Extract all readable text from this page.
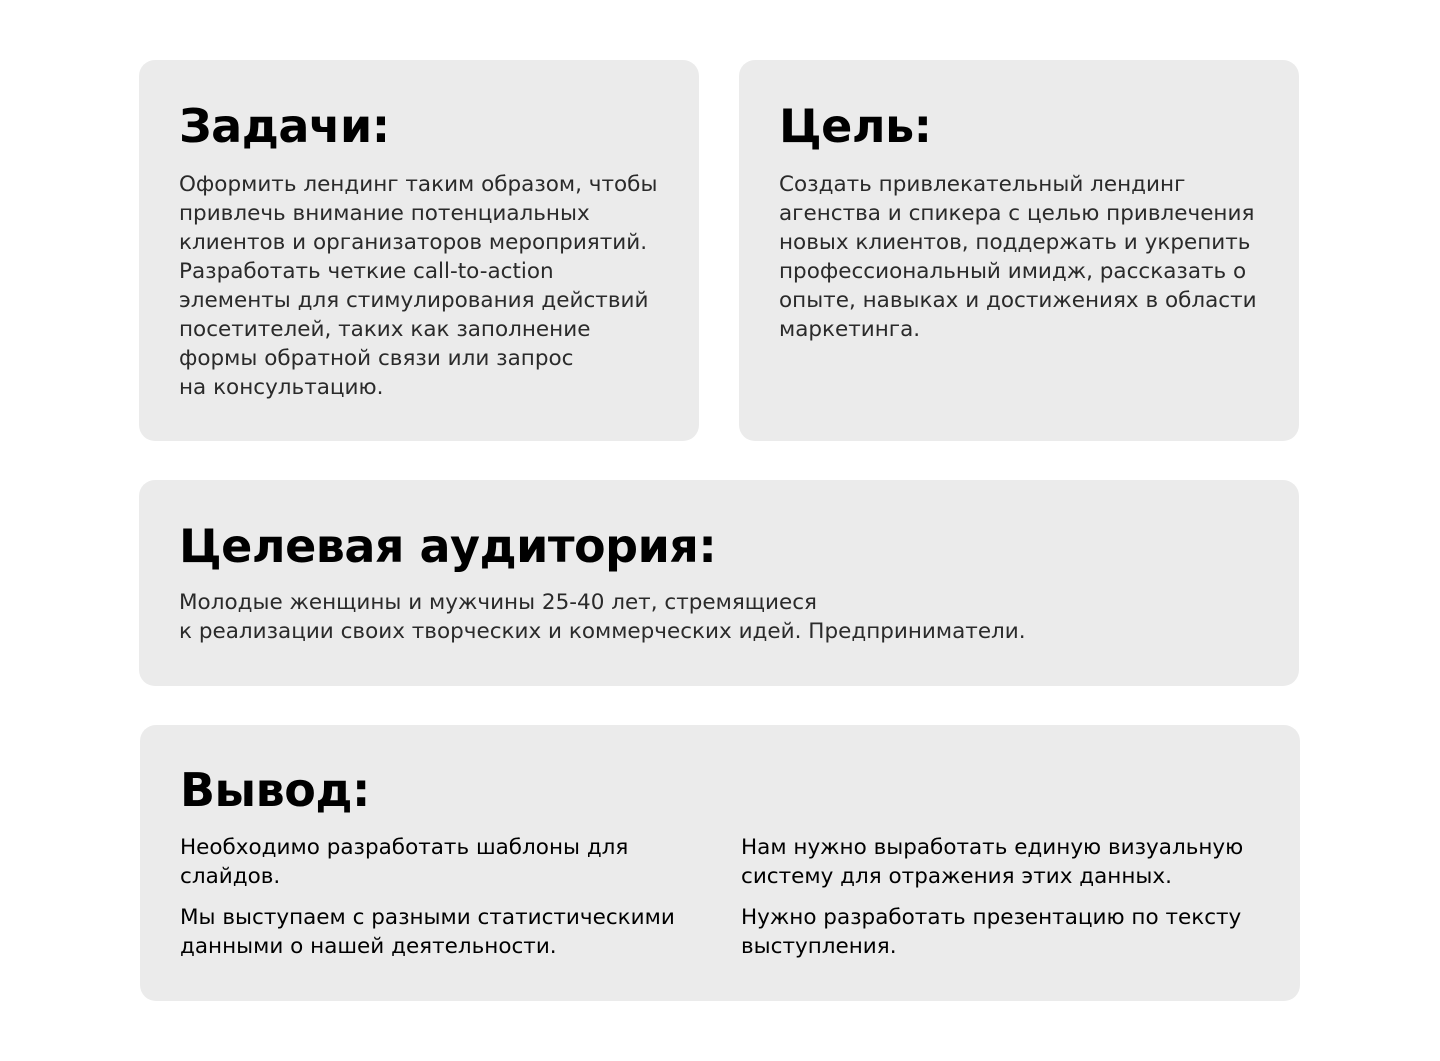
Задачи:

Оформить лендинг таким образом, чтобы
привлечь внимание потенциальных
клиентов и организаторов мероприятий.
Разработать четкие call-to-action
элементы для стимулирования действий
посетителей, таких как заполнение
формы обратной связи или запрос
на консультацию.

Цель:

Создать привлекательный лендинг
агенства и спикера с целью привлечения
новых клиентов, поддержать и укрепить
профессиональный имидж, рассказать о
опыте, навыках и достижениях в области
маркетинга.

Целевая аудитория:

Молодые женщины и мужчины 25-40 лет, стремящиеся
к реализации своих творческих и коммерческих идей. Предприниматели.

Вывод:

Необходимо разработать шаблоны для
слайдов.

Мы выступаем с разными статистическими
данными о нашей деятельности.

Нам нужно выработать единую визуальную
систему для отражения этих данных.

Нужно разработать презентацию по тексту
выступления.
